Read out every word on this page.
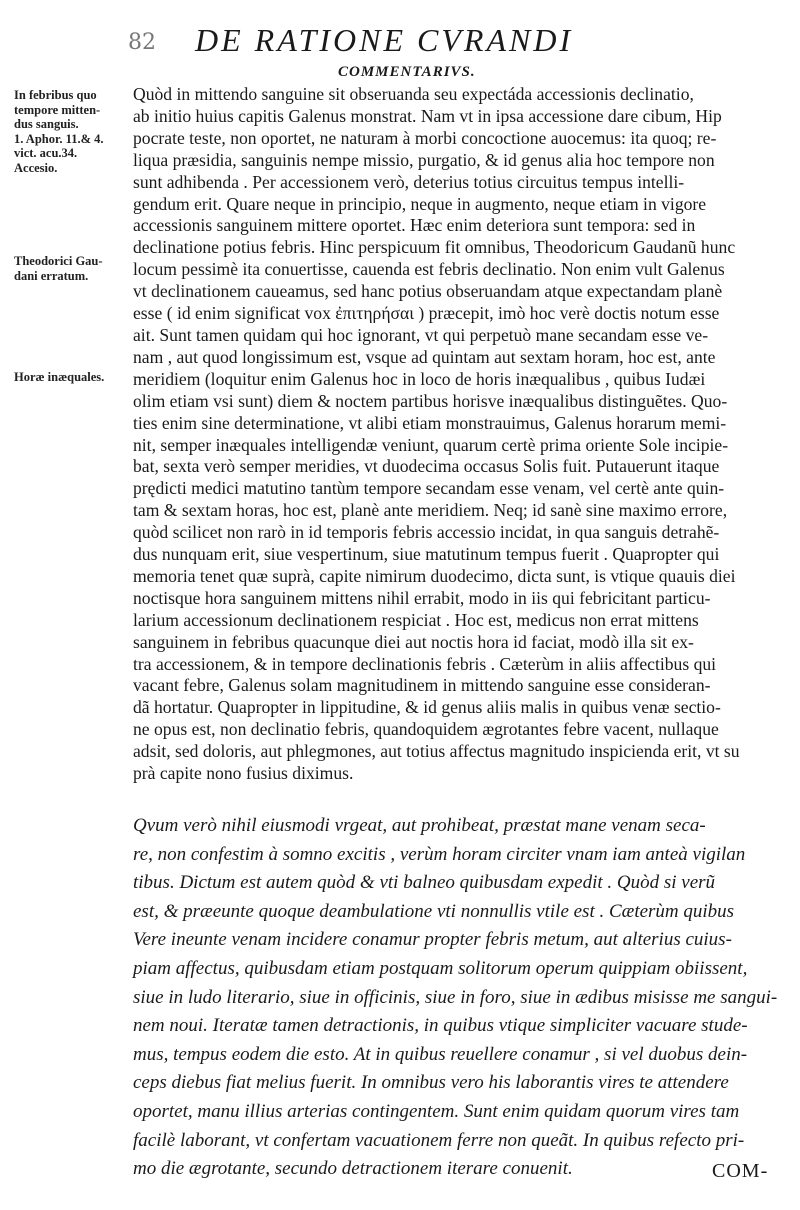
82 DE RATIONE CVRANDI
COMMENTARIVS.
In febribus quo
tempore mitten-
dus sanguis.
1. Aphor. 11.& 4.
vict. acu.34.
Accesio.
Theodorici Gau-
dani erratum.
Horæ inæquales.
Quòd in mittendo sanguine sit obseruanda seu expectáda accessionis declinatio,
ab initio huius capitis Galenus monstrat. Nam vt in ipsa accessione dare cibum, Hip
pocrate teste, non oportet, ne naturam à morbi concoctione auocemus: ita quoq; re-
liqua præsidia, sanguinis nempe missio, purgatio, & id genus alia hoc tempore non
sunt adhibenda . Per accessionem verò, deterius totius circuitus tempus intelli-
gendum erit. Quare neque in principio, neque in augmento, neque etiam in vigore
accessionis sanguinem mittere oportet. Hæc enim deteriora sunt tempora: sed in
declinatione potius febris. Hinc perspicuum fit omnibus, Theodoricum Gaudanũ hunc
locum pessimè ita conuertisse, cauenda est febris declinatio. Non enim vult Galenus
vt declinationem caueamus, sed hanc potius obseruandam atque expectandam planè
esse ( id enim significat vox ἐπιτηρήσαι ) præcepit, imò hoc verè doctis notum esse
ait. Sunt tamen quidam qui hoc ignorant, vt qui perpetuò mane secandam esse ve-
nam , aut quod longissimum est, vsque ad quintam aut sextam horam, hoc est, ante
meridiem (loquitur enim Galenus hoc in loco de horis inæqualibus , quibus Iudæi
olim etiam vsi sunt) diem & noctem partibus horisve inæqualibus distinguẽtes. Quo-
ties enim sine determinatione, vt alibi etiam monstrauimus, Galenus horarum memi-
nit, semper inæquales intelligendæ veniunt, quarum certè prima oriente Sole incipie-
bat, sexta verò semper meridies, vt duodecima occasus Solis fuit. Putauerunt itaque
prędicti medici matutino tantùm tempore secandam esse venam, vel certè ante quin-
tam & sextam horas, hoc est, planè ante meridiem. Neq; id sanè sine maximo errore,
quòd scilicet non rarò in id temporis febris accessio incidat, in qua sanguis detrahẽ-
dus nunquam erit, siue vespertinum, siue matutinum tempus fuerit . Quapropter qui
memoria tenet quæ suprà, capite nimirum duodecimo, dicta sunt, is vtique quauis diei
noctisque hora sanguinem mittens nihil errabit, modo in iis qui febricitant particu-
larium accessionum declinationem respiciat . Hoc est, medicus non errat mittens
sanguinem in febribus quacunque diei aut noctis hora id faciat, modò illa sit ex-
tra accessionem, & in tempore declinationis febris . Cæterùm in aliis affectibus qui
vacant febre, Galenus solam magnitudinem in mittendo sanguine esse consideran-
dã hortatur. Quapropter in lippitudine, & id genus aliis malis in quibus venæ sectio-
ne opus est, non declinatio febris, quandoquidem ægrotantes febre vacent, nullaque
adsit, sed doloris, aut phlegmones, aut totius affectus magnitudo inspicienda erit, vt su
prà capite nono fusius diximus.
Qvum verò nihil eiusmodi vrgeat, aut prohibeat, præstat mane venam seca-
re, non confestim à somno excitis , verùm horam circiter vnam iam anteà vigilan
tibus. Dictum est autem quòd & vti balneo quibusdam expedit . Quòd si verũ
est, & præeunte quoque deambulatione vti nonnullis vtile est . Cæterùm quibus
Vere ineunte venam incidere conamur propter febris metum, aut alterius cuius-
piam affectus, quibusdam etiam postquam solitorum operum quippiam obiissent,
siue in ludo literario, siue in officinis, siue in foro, siue in ædibus misisse me sangui-
nem noui. Iteratæ tamen detractionis, in quibus vtique simpliciter vacuare stude-
mus, tempus eodem die esto. At in quibus reuellere conamur , si vel duobus dein-
ceps diebus fiat melius fuerit. In omnibus vero his laborantis vires te attendere
oportet, manu illius arterias contingentem. Sunt enim quidam quorum vires tam
facilè laborant, vt confertam vacuationem ferre non queãt. In quibus refecto pri-
mo die ægrotante, secundo detractionem iterare conuenit.	COM-
